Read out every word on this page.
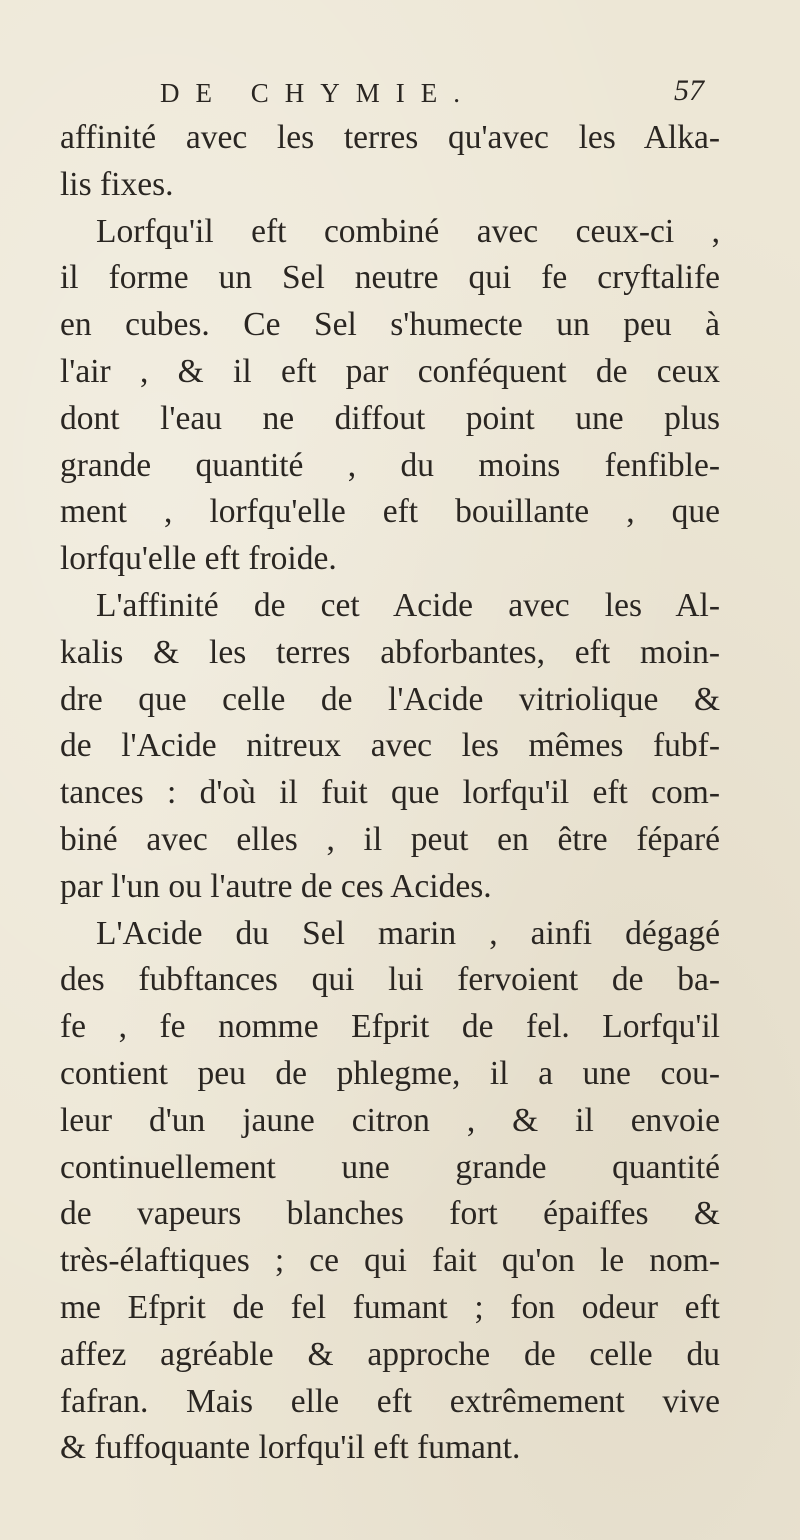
DE CHYMIE.	57
affinité avec les terres qu'avec les Alka-
lis fixes.
Lorfqu'il eft combiné avec ceux-ci ,
il forme un Sel neutre qui fe cryftalife
en cubes. Ce Sel s'humecte un peu à
l'air , & il eft par conféquent de ceux
dont l'eau ne diffout point une plus
grande quantité , du moins fenfible-
ment , lorfqu'elle eft bouillante , que
lorfqu'elle eft froide.
L'affinité de cet Acide avec les Al-
kalis & les terres abforbantes, eft moin-
dre que celle de l'Acide vitriolique &
de l'Acide nitreux avec les mêmes fubf-
tances : d'où il fuit que lorfqu'il eft com-
biné avec elles , il peut en être féparé
par l'un ou l'autre de ces Acides.
L'Acide du Sel marin , ainfi dégagé
des fubftances qui lui fervoient de ba-
fe , fe nomme Efprit de fel. Lorfqu'il
contient peu de phlegme, il a une cou-
leur d'un jaune citron , & il envoie
continuellement une grande quantité
de vapeurs blanches fort épaiffes &
très-élaftiques ; ce qui fait qu'on le nom-
me Efprit de fel fumant ; fon odeur eft
affez agréable & approche de celle du
fafran. Mais elle eft extrêmement vive
& fuffoquante lorfqu'il eft fumant.
